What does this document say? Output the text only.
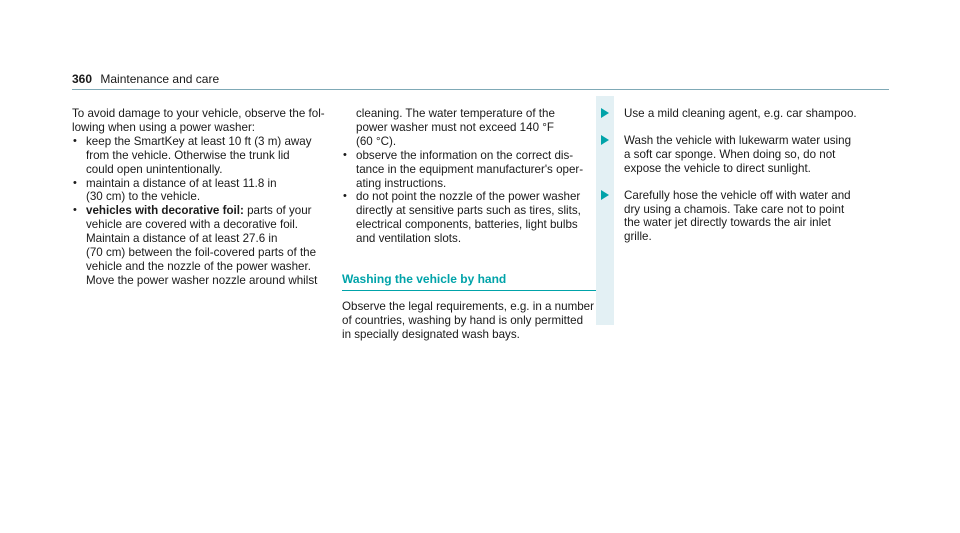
360 Maintenance and care
To avoid damage to your vehicle, observe the fol-
lowing when using a power washer:
• keep the SmartKey at least 10 ft (3 m) away
from the vehicle. Otherwise the trunk lid
could open unintentionally.
• maintain a distance of at least 11.8 in
(30 cm) to the vehicle.
• vehicles with decorative foil: parts of your
vehicle are covered with a decorative foil.
Maintain a distance of at least 27.6 in
(70 cm) between the foil-covered parts of the
vehicle and the nozzle of the power washer.
Move the power washer nozzle around whilst
cleaning. The water temperature of the
power washer must not exceed 140 °F
(60 °C).
• observe the information on the correct dis-
tance in the equipment manufacturer's oper-
ating instructions.
• do not point the nozzle of the power washer
directly at sensitive parts such as tires, slits,
electrical components, batteries, light bulbs
and ventilation slots.
Washing the vehicle by hand
Observe the legal requirements, e.g. in a number
of countries, washing by hand is only permitted
in specially designated wash bays.
Use a mild cleaning agent, e.g. car shampoo.
Wash the vehicle with lukewarm water using
a soft car sponge. When doing so, do not
expose the vehicle to direct sunlight.
Carefully hose the vehicle off with water and
dry using a chamois. Take care not to point
the water jet directly towards the air inlet
grille.
